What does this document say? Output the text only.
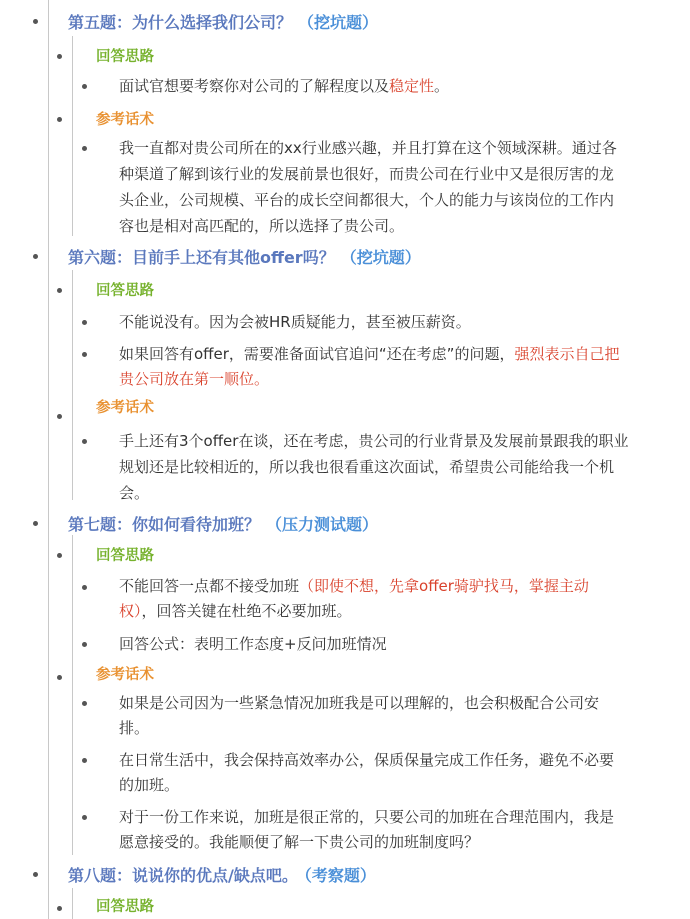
第五题：为什么选择我们公司？ （挖坑题）
回答思路
面试官想要考察你对公司的了解程度以及稳定性。
参考话术
我一直都对贵公司所在的xx行业感兴趣，并且打算在这个领域深耕。通过各
种渠道了解到该行业的发展前景也很好，而贵公司在行业中又是很厉害的龙
头企业，公司规模、平台的成长空间都很大，个人的能力与该岗位的工作内
容也是相对高匹配的，所以选择了贵公司。
第六题：目前手上还有其他offer吗？ （挖坑题）
回答思路
不能说没有。因为会被HR质疑能力，甚至被压薪资。
如果回答有offer，需要准备面试官追问“还在考虑”的问题，强烈表示自己把
贵公司放在第一顺位。
参考话术
手上还有3个offer在谈，还在考虑，贵公司的行业背景及发展前景跟我的职业
规划还是比较相近的，所以我也很看重这次面试，希望贵公司能给我一个机
会。
第七题：你如何看待加班？ （压力测试题）
回答思路
不能回答一点都不接受加班（即使不想，先拿offer骑驴找马，掌握主动
权），回答关键在杜绝不必要加班。
回答公式：表明工作态度+反问加班情况
参考话术
如果是公司因为一些紧急情况加班我是可以理解的，也会积极配合公司安
排。
在日常生活中，我会保持高效率办公，保质保量完成工作任务，避免不必要
的加班。
对于一份工作来说，加班是很正常的，只要公司的加班在合理范围内，我是
愿意接受的。我能顺便了解一下贵公司的加班制度吗？
第八题：说说你的优点/缺点吧。 （考察题）
回答思路
